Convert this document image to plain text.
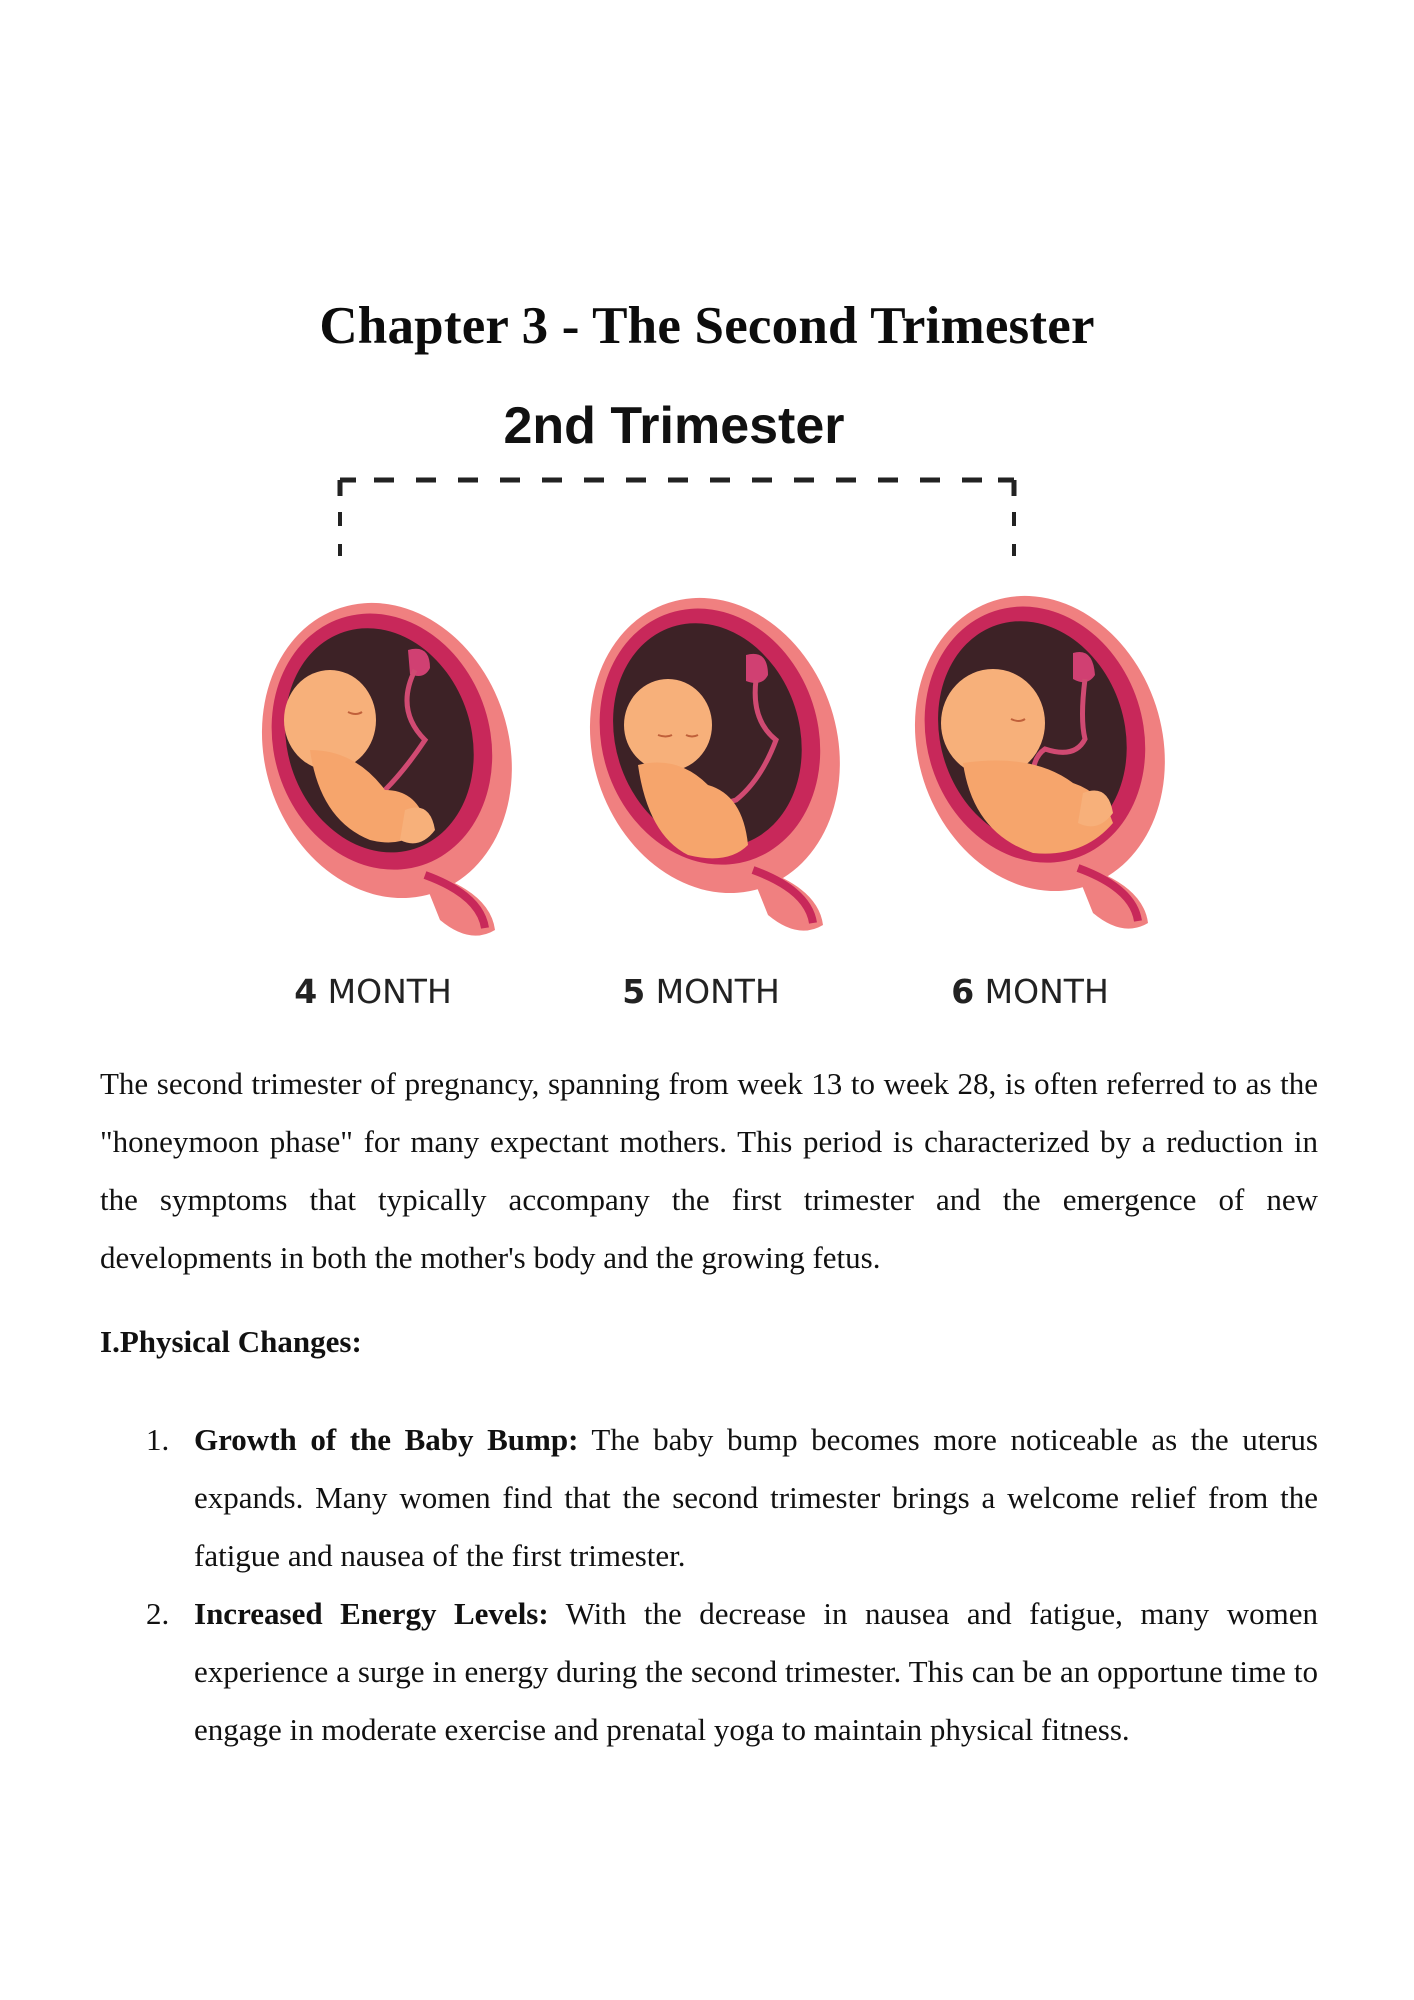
Chapter 3 - The Second Trimester
2nd Trimester
4 MONTH	5 MONTH	6 MONTH

The second trimester of pregnancy, spanning from week 13 to week 28, is often referred to as the "honeymoon phase" for many expectant mothers. This period is characterized by a reduction in the symptoms that typically accompany the first trimester and the emergence of new developments in both the mother's body and the growing fetus.

I.Physical Changes:
1. Growth of the Baby Bump: The baby bump becomes more noticeable as the uterus expands. Many women find that the second trimester brings a welcome relief from the fatigue and nausea of the first trimester.
2. Increased Energy Levels: With the decrease in nausea and fatigue, many women experience a surge in energy during the second trimester. This can be an opportune time to engage in moderate exercise and prenatal yoga to maintain physical fitness.
